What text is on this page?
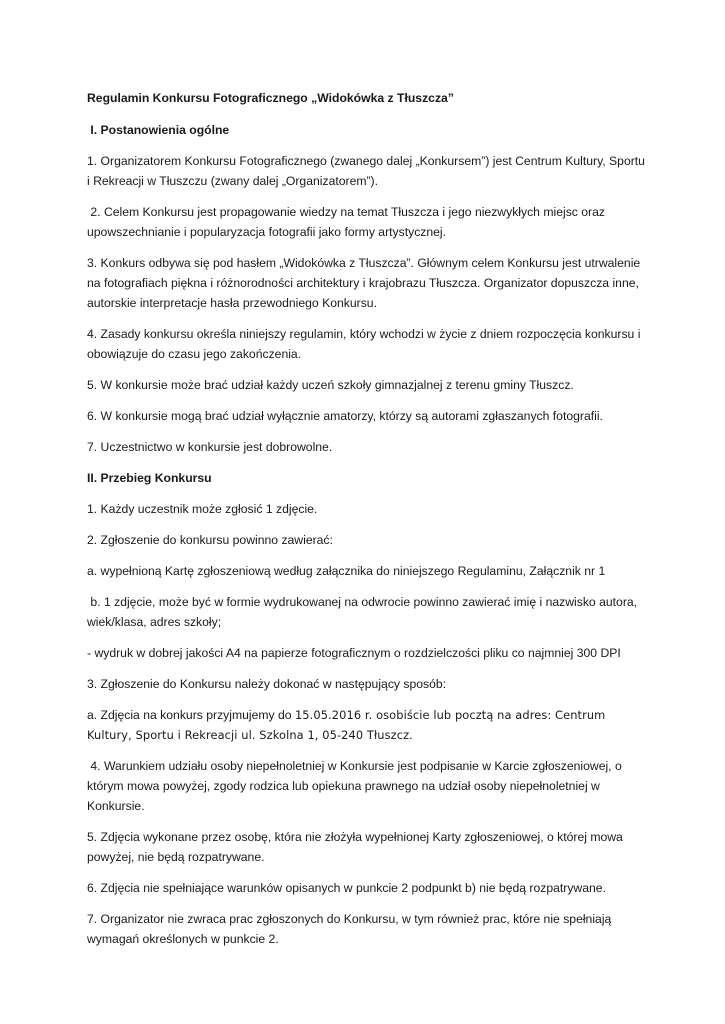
Regulamin Konkursu Fotograficznego „Widokówka z Tłuszcza”

I. Postanowienia ogólne

1. Organizatorem Konkursu Fotograficznego (zwanego dalej „Konkursem”) jest Centrum Kultury, Sportu i Rekreacji w Tłuszczu (zwany dalej „Organizatorem”).

2. Celem Konkursu jest propagowanie wiedzy na temat Tłuszcza i jego niezwykłych miejsc oraz upowszechnianie i popularyzacja fotografii jako formy artystycznej.

3. Konkurs odbywa się pod hasłem „Widokówka z Tłuszcza”. Głównym celem Konkursu jest utrwalenie na fotografiach piękna i różnorodności architektury i krajobrazu Tłuszcza. Organizator dopuszcza inne, autorskie interpretacje hasła przewodniego Konkursu.

4. Zasady konkursu określa niniejszy regulamin, który wchodzi w życie z dniem rozpoczęcia konkursu i obowiązuje do czasu jego zakończenia.

5. W konkursie może brać udział każdy uczeń szkoły gimnazjalnej z terenu gminy Tłuszcz.

6. W konkursie mogą brać udział wyłącznie amatorzy, którzy są autorami zgłaszanych fotografii.

7. Uczestnictwo w konkursie jest dobrowolne.

II. Przebieg Konkursu

1. Każdy uczestnik może zgłosić 1 zdjęcie.

2. Zgłoszenie do konkursu powinno zawierać:

a. wypełnioną Kartę zgłoszeniową według załącznika do niniejszego Regulaminu, Załącznik nr 1

b. 1 zdjęcie, może być w formie wydrukowanej na odwrocie powinno zawierać imię i nazwisko autora, wiek/klasa, adres szkoły;

- wydruk w dobrej jakości A4 na papierze fotograficznym o rozdzielczości pliku co najmniej 300 DPI

3. Zgłoszenie do Konkursu należy dokonać w następujący sposób:

a. Zdjęcia na konkurs przyjmujemy do 15.05.2016 r. osobiście lub pocztą na adres: Centrum Kultury, Sportu i Rekreacji ul. Szkolna 1, 05-240 Tłuszcz.

4. Warunkiem udziału osoby niepełnoletniej w Konkursie jest podpisanie w Karcie zgłoszeniowej, o którym mowa powyżej, zgody rodzica lub opiekuna prawnego na udział osoby niepełnoletniej w Konkursie.

5. Zdjęcia wykonane przez osobę, która nie złożyła wypełnionej Karty zgłoszeniowej, o której mowa powyżej, nie będą rozpatrywane.

6. Zdjęcia nie spełniające warunków opisanych w punkcie 2 podpunkt b) nie będą rozpatrywane.

7. Organizator nie zwraca prac zgłoszonych do Konkursu, w tym również prac, które nie spełniają wymagań określonych w punkcie 2.
